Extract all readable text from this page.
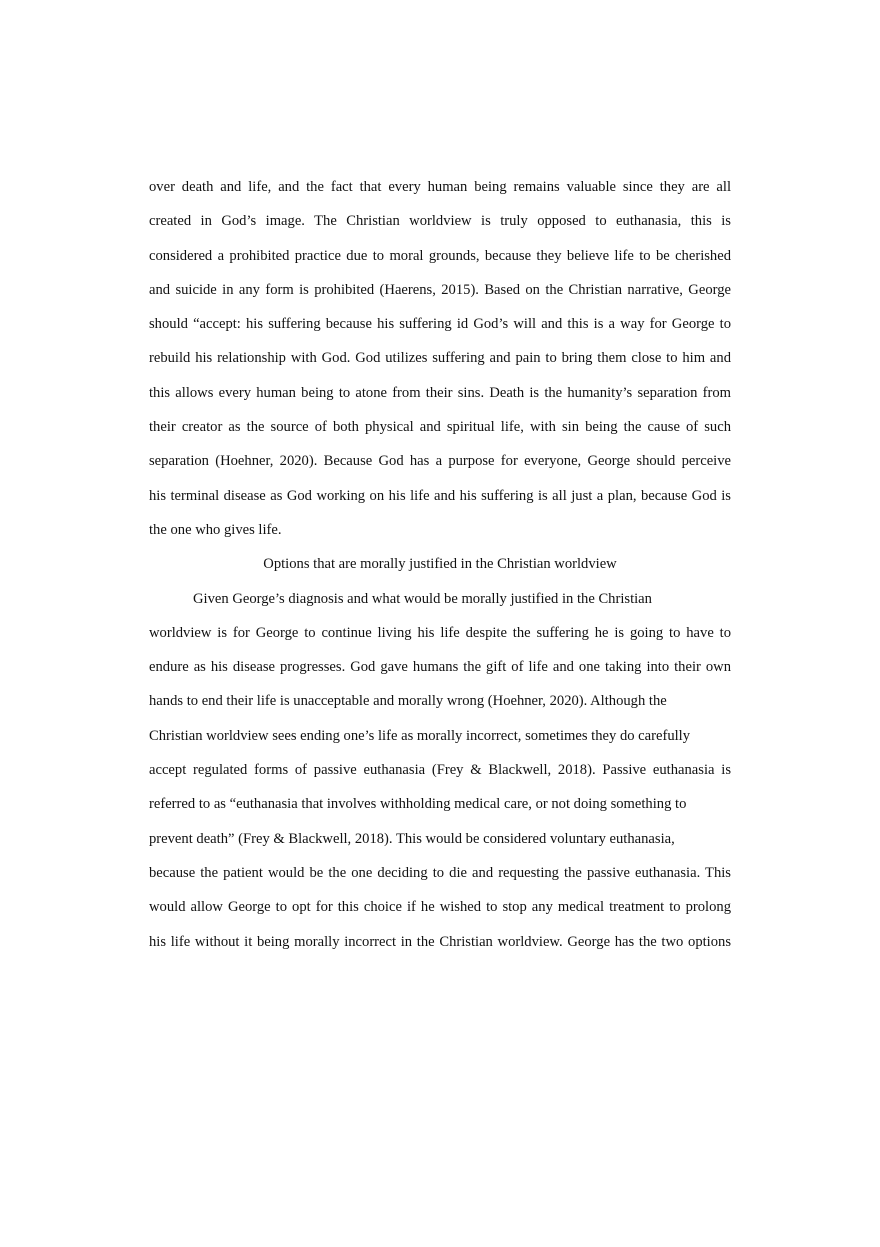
over death and life, and the fact that every human being remains valuable since they are all
created in God’s image. The Christian worldview is truly opposed to euthanasia, this is
considered a prohibited practice due to moral grounds, because they believe life to be cherished
and suicide in any form is prohibited (Haerens, 2015). Based on the Christian narrative, George
should “accept: his suffering because his suffering id God’s will and this is a way for George to
rebuild his relationship with God. God utilizes suffering and pain to bring them close to him and
this allows every human being to atone from their sins. Death is the humanity’s separation from
their creator as the source of both physical and spiritual life, with sin being the cause of such
separation (Hoehner, 2020). Because God has a purpose for everyone, George should perceive
his terminal disease as God working on his life and his suffering is all just a plan, because God is
the one who gives life.
Options that are morally justified in the Christian worldview
Given George’s diagnosis and what would be morally justified in the Christian
worldview is for George to continue living his life despite the suffering he is going to have to
endure as his disease progresses. God gave humans the gift of life and one taking into their own
hands to end their life is unacceptable and morally wrong (Hoehner, 2020). Although the
Christian worldview sees ending one’s life as morally incorrect, sometimes they do carefully
accept regulated forms of passive euthanasia (Frey & Blackwell, 2018). Passive euthanasia is
referred to as “euthanasia that involves withholding medical care, or not doing something to
prevent death” (Frey & Blackwell, 2018). This would be considered voluntary euthanasia,
because the patient would be the one deciding to die and requesting the passive euthanasia. This
would allow George to opt for this choice if he wished to stop any medical treatment to prolong
his life without it being morally incorrect in the Christian worldview. George has the two options
